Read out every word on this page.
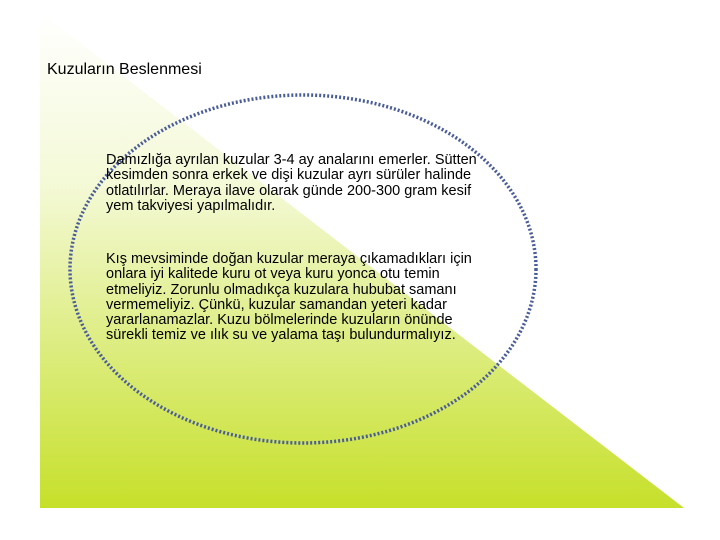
Kuzuların Beslenmesi

Damızlığa ayrılan kuzular 3-4 ay analarını emerler. Sütten kesimden sonra erkek ve dişi kuzular ayrı sürüler halinde otlatılırlar. Meraya ilave olarak günde 200-300 gram kesif yem takviyesi yapılmalıdır.

Kış mevsiminde doğan kuzular meraya çıkamadıkları için onlara iyi kalitede kuru ot veya kuru yonca otu temin etmeliyiz. Zorunlu olmadıkça kuzulara hububat samanı vermemeliyiz. Çünkü, kuzular samandan yeteri kadar yararlanamazlar. Kuzu bölmelerinde kuzuların önünde sürekli temiz ve ılık su ve yalama taşı bulundurmalıyız.
